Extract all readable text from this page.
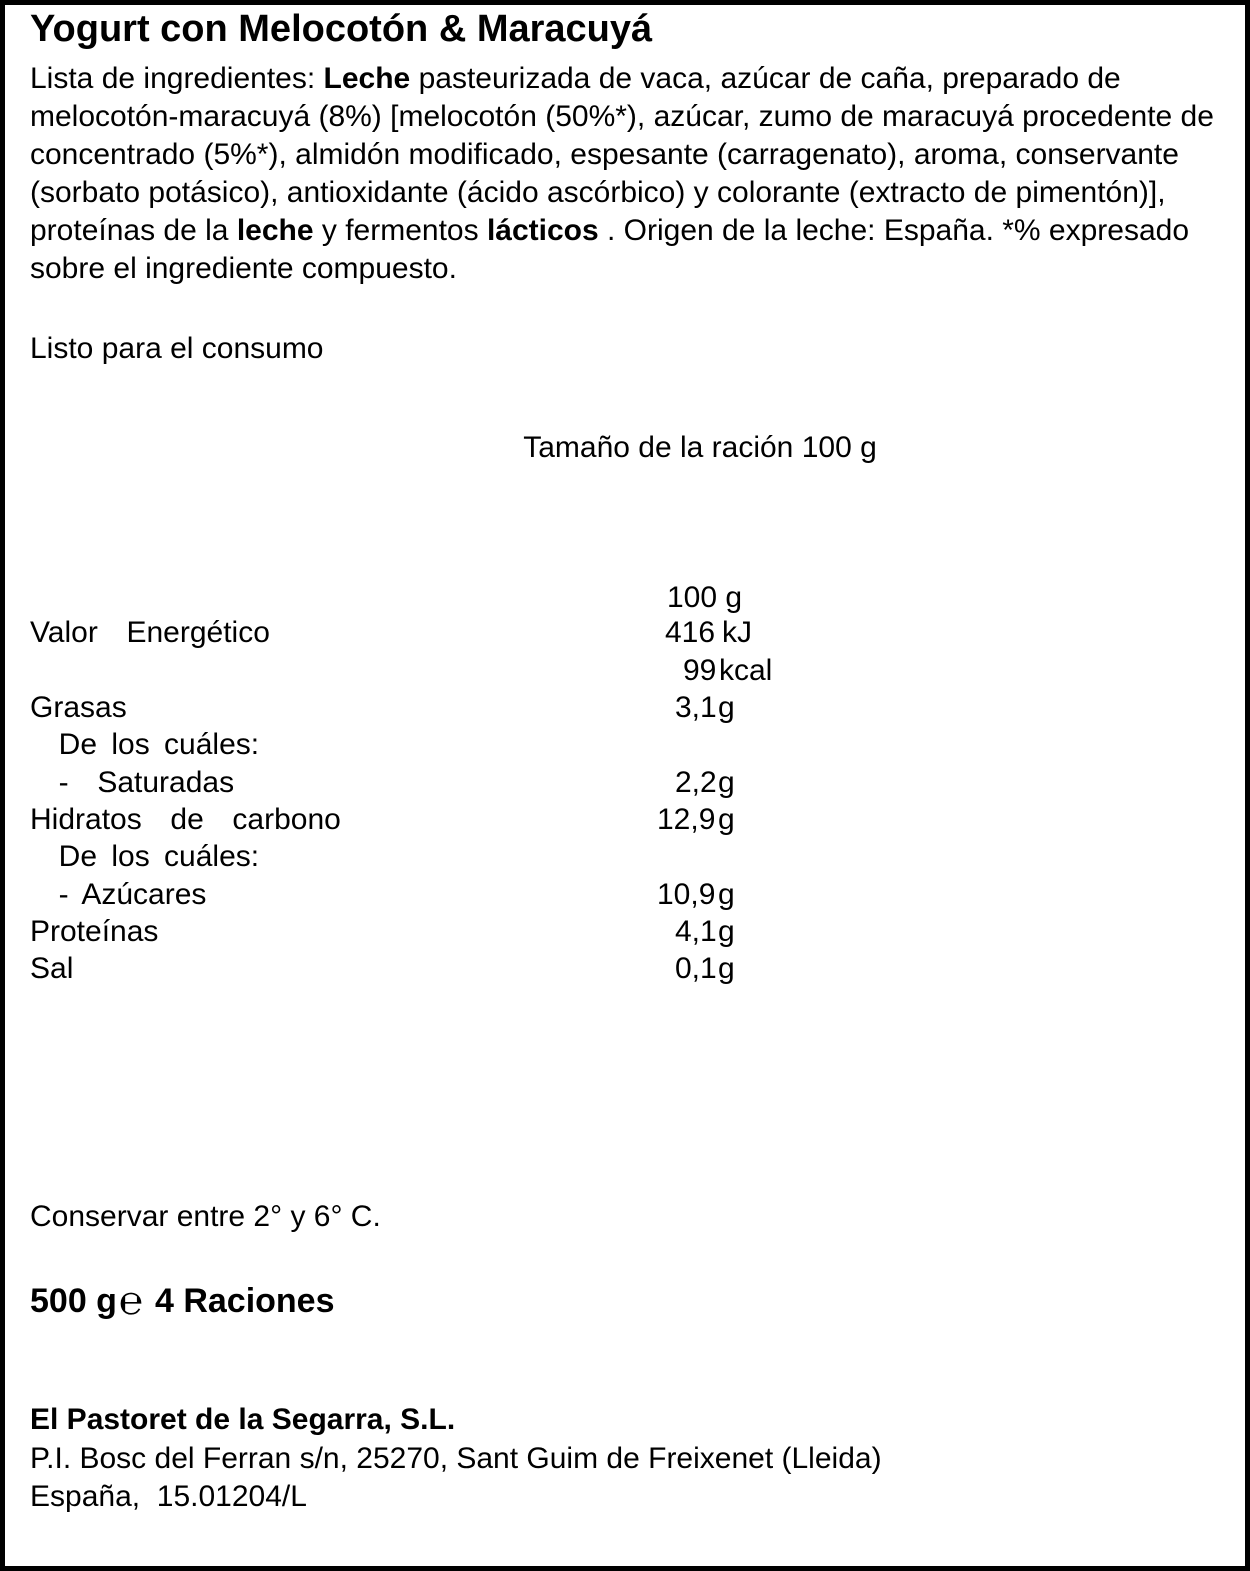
Yogurt con Melocotón & Maracuyá
Lista de ingredientes: Leche pasteurizada de vaca, azúcar de caña, preparado de melocotón-maracuyá (8%) [melocotón (50%*), azúcar, zumo de maracuyá procedente de concentrado (5%*), almidón modificado, espesante (carragenato), aroma, conservante (sorbato potásico), antioxidante (ácido ascórbico) y colorante (extracto de pimentón)], proteínas de la leche y fermentos lácticos . Origen de la leche: España. *% expresado sobre el ingrediente compuesto.
Listo para el consumo
Tamaño de la ración 100 g
100 g
Valor  Energético	416 kJ
99 kcal
Grasas	3,1 g
De los cuáles:
-  Saturadas	2,2 g
Hidratos  de  carbono	12,9 g
De los cuáles:
- Azúcares	10,9 g
Proteínas	4,1 g
Sal	0,1 g
Conservar entre 2° y 6° C.
500 g℮ 4 Raciones
El Pastoret de la Segarra, S.L.
P.I. Bosc del Ferran s/n, 25270, Sant Guim de Freixenet (Lleida)
España,  15.01204/L
